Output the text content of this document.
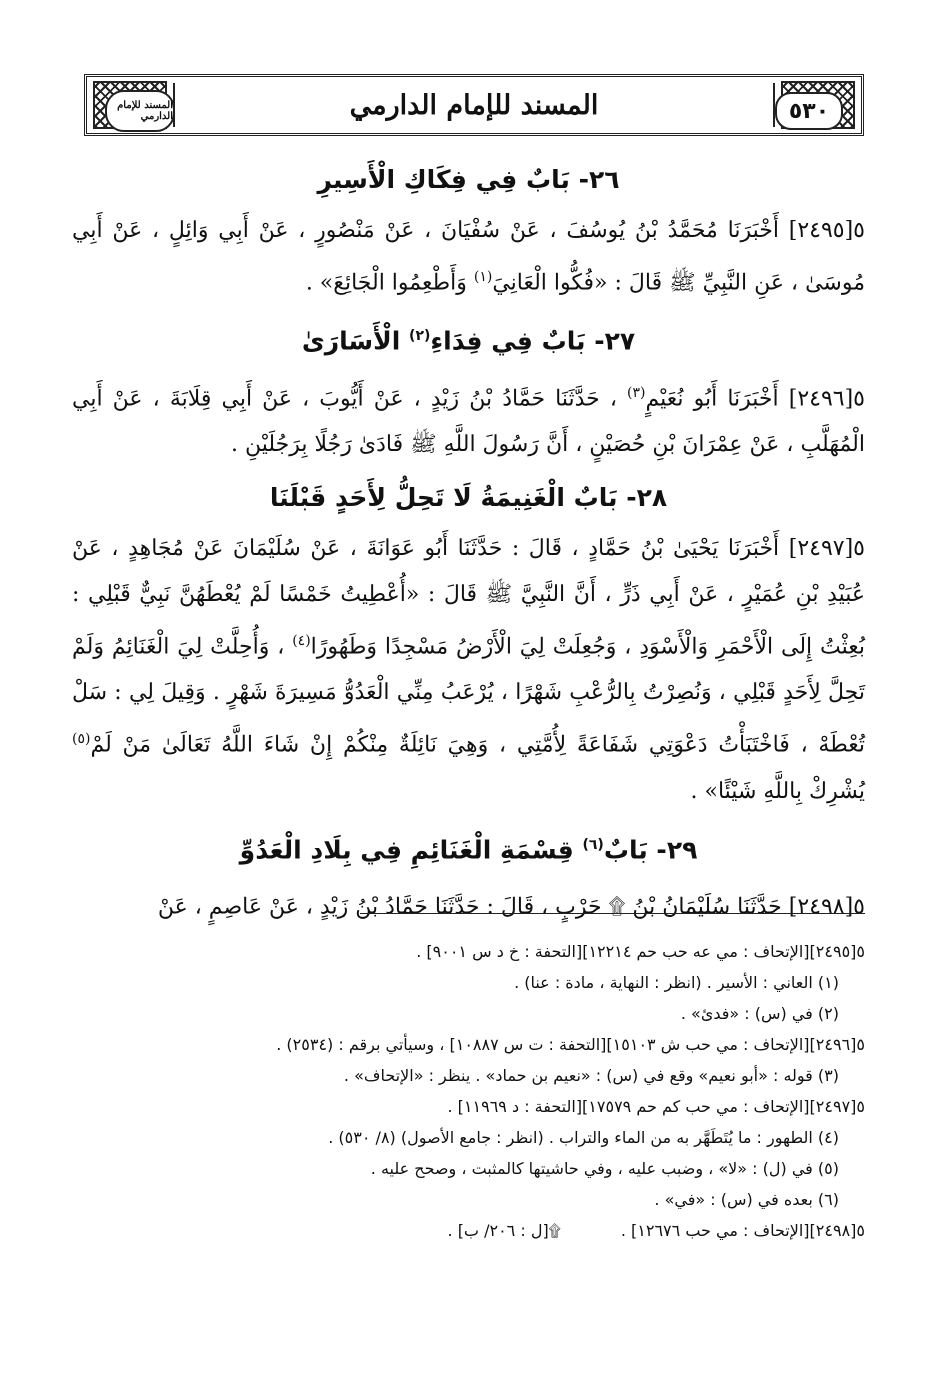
٥٣٠
المسند للإمام الدارمي
المسند للإمام الدارمي
٢٦- بَابٌ فِي فِكَاكِ الْأَسِيرِ

٥[٢٤٩٥] أَخْبَرَنَا مُحَمَّدُ بْنُ يُوسُفَ ، عَنْ سُفْيَانَ ، عَنْ مَنْصُورٍ ، عَنْ أَبِي وَائِلٍ ، عَنْ أَبِي مُوسَىٰ ، عَنِ النَّبِيِّ ﷺ قَالَ : «فُكُّوا الْعَانِيَ$^{(١)}$ وَأَطْعِمُوا الْجَائِعَ» .

٢٧- بَابٌ فِي فِدَاءِ$^{(٢)}$ الْأَسَارَىٰ

٥[٢٤٩٦] أَخْبَرَنَا أَبُو نُعَيْمٍ$^{(٣)}$ ، حَدَّثَنَا حَمَّادُ بْنُ زَيْدٍ ، عَنْ أَيُّوبَ ، عَنْ أَبِي قِلَابَةَ ، عَنْ أَبِي الْمُهَلَّبِ ، عَنْ عِمْرَانَ بْنِ حُصَيْنٍ ، أَنَّ رَسُولَ اللَّهِ ﷺ فَادَىٰ رَجُلًا بِرَجُلَيْنِ .

٢٨- بَابٌ الْغَنِيمَةُ لَا تَحِلُّ لِأَحَدٍ قَبْلَنَا

٥[٢٤٩٧] أَخْبَرَنَا يَحْيَىٰ بْنُ حَمَّادٍ ، قَالَ : حَدَّثَنَا أَبُو عَوَانَةَ ، عَنْ سُلَيْمَانَ عَنْ مُجَاهِدٍ ، عَنْ عُبَيْدِ بْنِ عُمَيْرٍ ، عَنْ أَبِي ذَرٍّ ، أَنَّ النَّبِيَّ ﷺ قَالَ : «أُعْطِيتُ خَمْسًا لَمْ يُعْطَهُنَّ نَبِيٌّ قَبْلِي : بُعِثْتُ إِلَى الْأَحْمَرِ وَالْأَسْوَدِ ، وَجُعِلَتْ لِيَ الْأَرْضُ مَسْجِدًا وَطَهُورًا$^{(٤)}$ ، وَأُحِلَّتْ لِيَ الْغَنَائِمُ وَلَمْ تَحِلَّ لِأَحَدٍ قَبْلِي ، وَنُصِرْتُ بِالرُّعْبِ شَهْرًا ، يُرْعَبُ مِنِّي الْعَدُوُّ مَسِيرَةَ شَهْرٍ . وَقِيلَ لِي : سَلْ تُعْطَهْ ، فَاخْتَبَأْتُ دَعْوَتِي شَفَاعَةً لِأُمَّتِي ، وَهِيَ نَائِلَةٌ مِنْكُمْ إِنْ شَاءَ اللَّهُ تَعَالَىٰ مَنْ لَمْ$^{(٥)}$ يُشْرِكْ بِاللَّهِ شَيْئًا» .

٢٩- بَابٌ$^{(٦)}$ قِسْمَةِ الْغَنَائِمِ فِي بِلَادِ الْعَدُوِّ

٥[٢٤٩٨] حَدَّثَنَا سُلَيْمَانُ بْنُ ۩ حَرْبٍ ، قَالَ : حَدَّثَنَا حَمَّادُ بْنُ زَيْدٍ ، عَنْ عَاصِمٍ ، عَنْ

٥[٢٤٩٥][الإتحاف : مي عه حب حم ١٢٢١٤][التحفة : خ د س ٩٠٠١] .
(١) العاني : الأسير . (انظر : النهاية ، مادة : عنا) .
(٢) في (س) : «فدئ» .
٥[٢٤٩٦][الإتحاف : مي حب ش ١٥١٠٣][التحفة : ت س ١٠٨٨٧] ، وسيأتي برقم : (٢٥٣٤) .
(٣) قوله : «أبو نعيم» وقع في (س) : «نعيم بن حماد» . ينظر : «الإتحاف» .
٥[٢٤٩٧][الإتحاف : مي حب كم حم ١٧٥٧٩][التحفة : د ١١٩٦٩] .
(٤) الطهور : ما يُتَطَهَّر به من الماء والتراب . (انظر : جامع الأصول) (٨/ ٥٣٠) .
(٥) في (ل) : «لا» ، وضبب عليه ، وفي حاشيتها كالمثبت ، وصحح عليه .
(٦) بعده في (س) : «في» .
٥[٢٤٩٨][الإتحاف : مي حب ١٢٦٧٦] .
۩[ل : ٢٠٦/ ب] .
